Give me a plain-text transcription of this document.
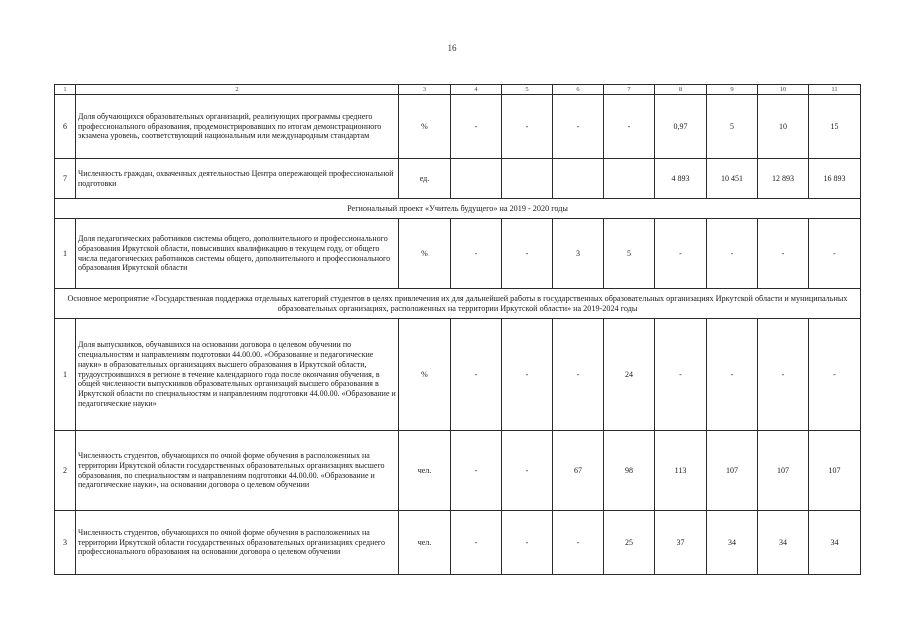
16
1	2	3	4	5	6	7	8	9	10	11
6	Доля обучающихся образовательных организаций, реализующих программы среднего профессионального образования, продемонстрировавших по итогам демонстрационного экзамена уровень, соответствующий национальным или международным стандартам	%	-	-	-	-	0,97	5	10	15
7	Численность граждан, охваченных деятельностью Центра опережающей профессиональной подготовки	ед.					4 893	10 451	12 893	16 893
Региональный проект «Учитель будущего» на 2019 - 2020 годы										
1	Доля педагогических работников системы общего, дополнительного и профессионального образования Иркутской области, повысивших квалификацию в текущем году, от общего числа педагогических работников системы общего, дополнительного и профессионального образования Иркутской области	%	-	-	3	5	-	-	-	-
Основное мероприятие «Государственная поддержка отдельных категорий студентов в целях привлечения их для дальнейшей работы в государственных образовательных организациях Иркутской области и муниципальных образовательных организациях, расположенных на территории Иркутской области» на 2019-2024 годы										
1	Доля выпускников, обучавшихся на основании договора о целевом обучении по специальностям и направлениям подготовки 44.00.00. «Образование и педагогические науки» в образовательных организациях высшего образования в Иркутской области, трудоустроившихся в регионе в течение календарного года после окончания обучения, в общей численности выпускников образовательных организаций высшего образования в Иркутской области по специальностям и направлениям подготовки 44.00.00. «Образование и педагогические науки»	%	-	-	-	24	-	-	-	-
2	Численность студентов, обучающихся по очной форме обучения в расположенных на территории Иркутской области государственных образовательных организациях высшего образования, по специальностям и направлениям подготовки 44.00.00. «Образование и педагогические науки», на основании договора о целевом обучении	чел.	-	-	67	98	113	107	107	107
3	Численность студентов, обучающихся по очной форме обучения в расположенных на территории Иркутской области государственных образовательных организациях среднего профессионального образования на основании договора о целевом обучении	чел.	-	-	-	25	37	34	34	34
